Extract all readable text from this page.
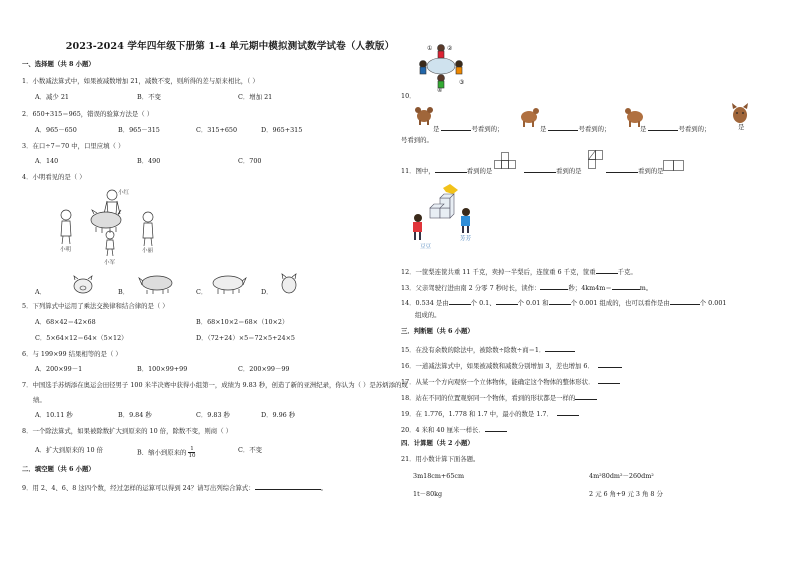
2023-2024 学年四年级下册第 1-4 单元期中模拟测试数学试卷（人教版）
一、选择题（共 8 小题）
1．小数减法算式中，如果被减数增加 21，减数不变，则所得的差与原来相比，（ ）
A．减少 21	B．不变	C．增加 21
2．650+315＝965，错误的验算方法是（ ）
A．965－650	B．965－315	C．315+650	D．965+315
3．在口÷7＝70 中，口里应填（ ）
A．140	B．490	C．700
4．小明看见的是（ ）
小红
小明	小丽
小军
A．	B．	C．	D．
5．下列算式中运用了乘法交换律和结合律的是（ ）
A．68×42＝42×68	B．68×10×2＝68×（10×2）
C．5×64×12＝64×（5×12）	D．（72+24）×5＝72×5+24×5
6．与 199×99 结果相等的是（ ）
A．200×99－1	B．100×99+99	C．200×99－99
7．中国选手苏炳添在奥运会田径男子 100 米半决赛中获得小组第一，成绩为 9.83 秒，创造了新的亚洲纪录，你认为（ ）是苏炳添的成
绩。
A．10.11 秒	B．9.84 秒	C．9.83 秒	D．9.96 秒
8．一个除法算式，如果被除数扩大到原来的 10 倍，除数不变，则商（ ）
A．扩大到原来的 10 倍	B．缩小到原来的 $\frac{1}{10}$	C．不变
二．填空题（共 6 小题）
9．用 2、4、6、8 这四个数，经过怎样的运算可以得到 24？请写出列综合算式：	。
① ②
③
④
10．
是	号看到的；	是	号看到的；	是	号看到的；	是
号看到的。
11．图中，	看到的是	看到的是	看到的是
豆豆
芳芳
12．一筐梨连筐共重 11 千克，卖掉一半梨后，连筐重 6 千克，筐重	千克。
13．父亲驾驶行进由南 2 分零 7 秒时长，读作：	秒；4km4m＝	m。
14．0.534 是由	个 0.1、	个 0.01 和	个 0.001 组成的，也可以看作是由	个 0.001
组成的。
三．判断题（共 6 小题）
15．在没有余数的除法中，被除数÷除数÷商＝1．
16．一道减法算式中，如果被减数和减数分别增加 3，差也增加 6．
17．从某一个方向观察一个立体物体，能确定这个物体的整体形状．
18．站在不同的位置观察同一个物体，看到的形状都是一样的
19．在 1.776，1.778 和 1.7 中，最小的数是 1.7．
20．4 米和 40 厘米一样长．
四．计算题（共 2 小题）
21．用小数计算下面各题。
3m18cm+65cm	4m²80dm²－260dm²
1t－80kg	2 元 6 角+9 元 3 角 8 分
